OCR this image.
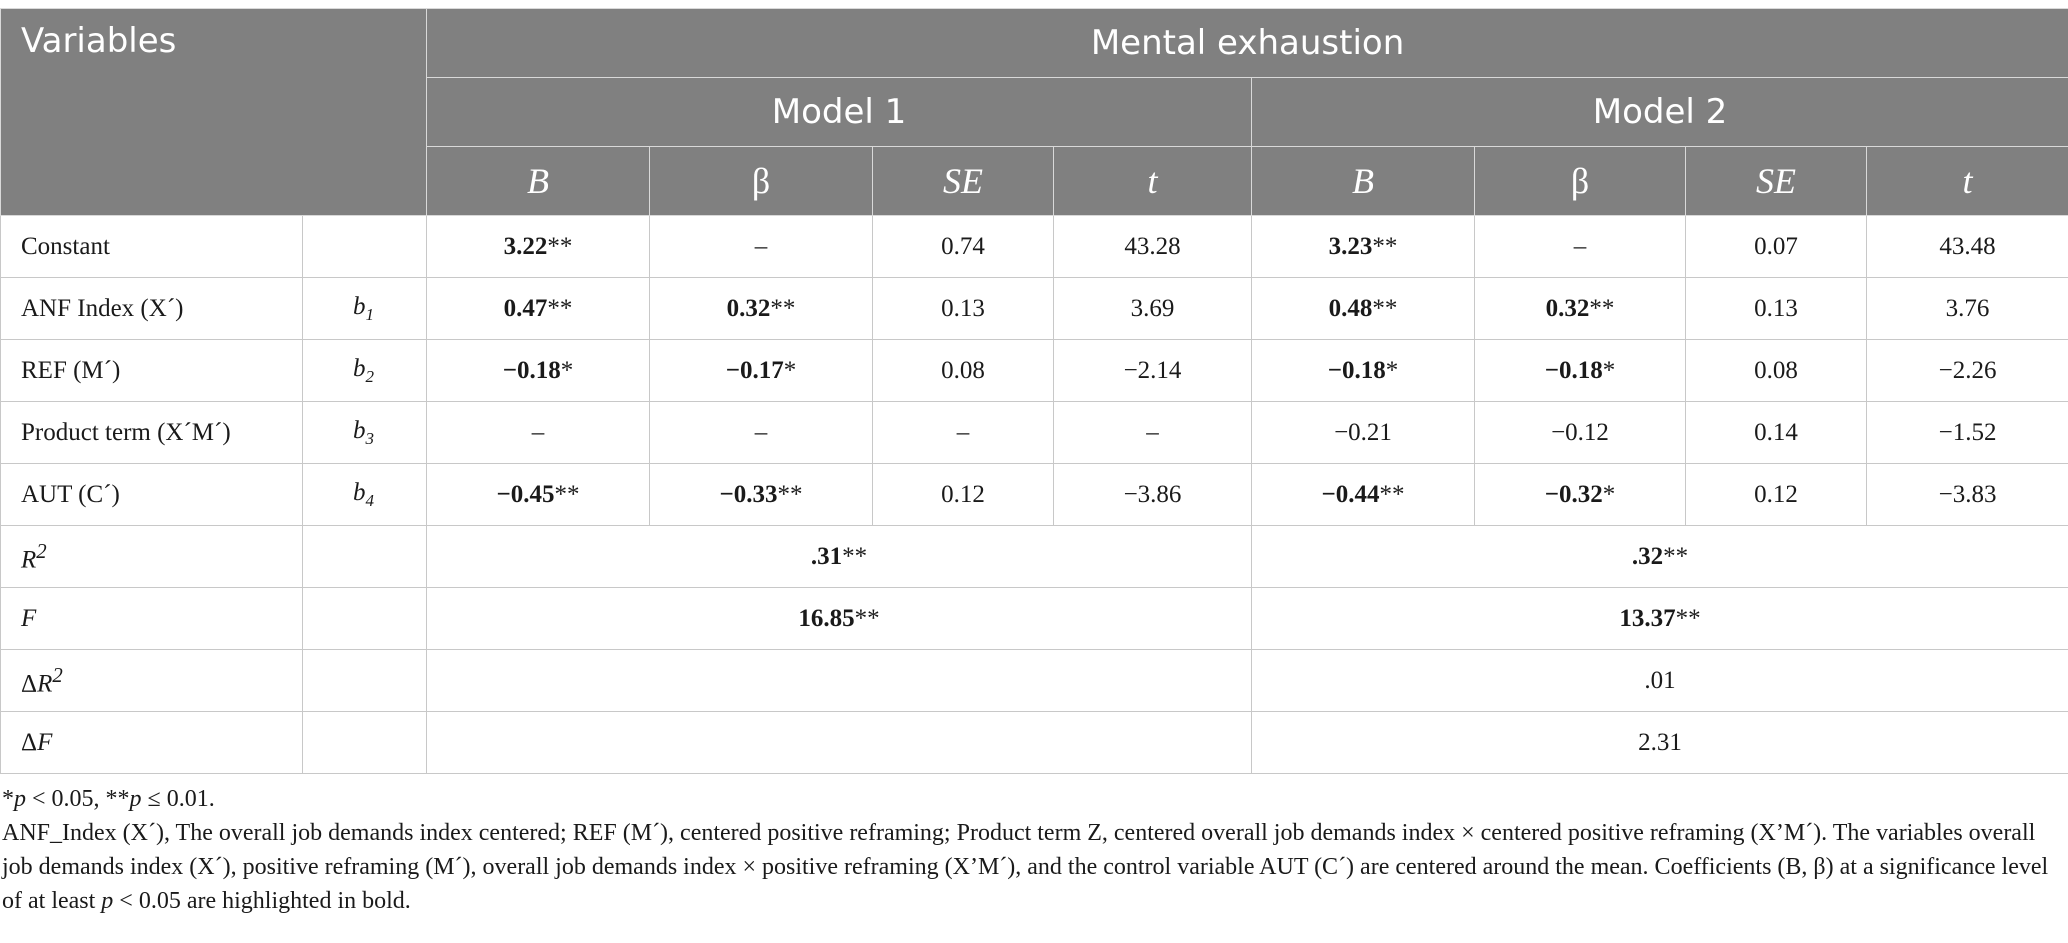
Variables		Mental exhaustion							
		Model 1				Model 2			
		B	β	SE	t	B	β	SE	t
Constant		3.22**	–	0.74	43.28	3.23**	–	0.07	43.48
ANF Index (X´)	$b_1$	0.47**	0.32**	0.13	3.69	0.48**	0.32**	0.13	3.76
REF (M´)	$b_2$	−0.18*	−0.17*	0.08	−2.14	−0.18*	−0.18*	0.08	−2.26
Product term (X´M´)	$b_3$	–	–	–	–	−0.21	−0.12	0.14	−1.52
AUT (C´)	$b_4$	−0.45**	−0.33**	0.12	−3.86	−0.44**	−0.32*	0.12	−3.83
$R^2$		.31**				.32**			
F		16.85**				13.37**			
$\Delta R^2$						.01			
ΔF						2.31			

*p < 0.05, **p ≤ 0.01.

ANF_Index (X´), The overall job demands index centered; REF (M´), centered positive reframing; Product term Z, centered overall job demands index × centered positive reframing (X’M´). The variables overall job demands index (X´), positive reframing (M´), overall job demands index × positive reframing (X’M´), and the control variable AUT (C´) are centered around the mean. Coefficients (B, β) at a significance level of at least p < 0.05 are highlighted in bold.
